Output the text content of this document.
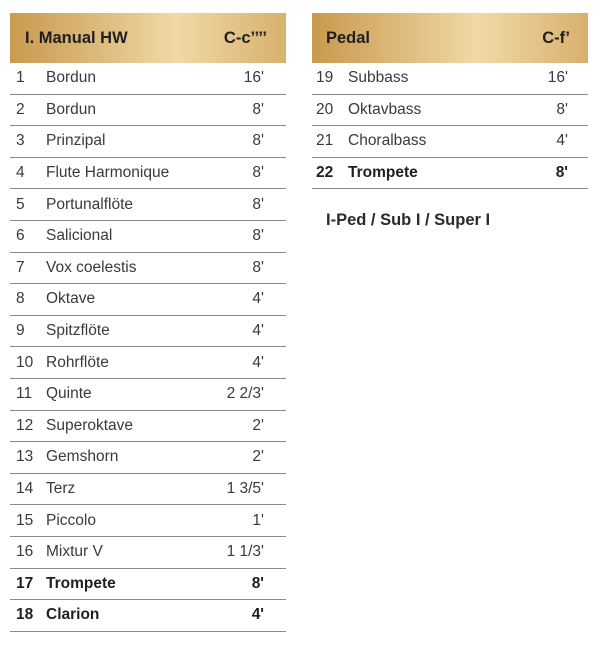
I. Manual HW	C-c’’’’
1	Bordun	16'
2	Bordun	8'
3	Prinzipal	8'
4	Flute Harmonique	8'
5	Portunalflöte	8'
6	Salicional	8'
7	Vox coelestis	8'
8	Oktave	4'
9	Spitzflöte	4'
10 Rohrflöte	4'
11 Quinte	2 2/3'
12 Superoktave	2'
13 Gemshorn	2'
14 Terz	1 3/5'
15 Piccolo	1'
16 Mixtur V	1 1/3'
17 Trompete	8'
18 Clarion	4'
Pedal	C-f’
19 Subbass	16'
20 Oktavbass	8'
21 Choralbass	4'
22 Trompete	8'
I-Ped / Sub I / Super I
